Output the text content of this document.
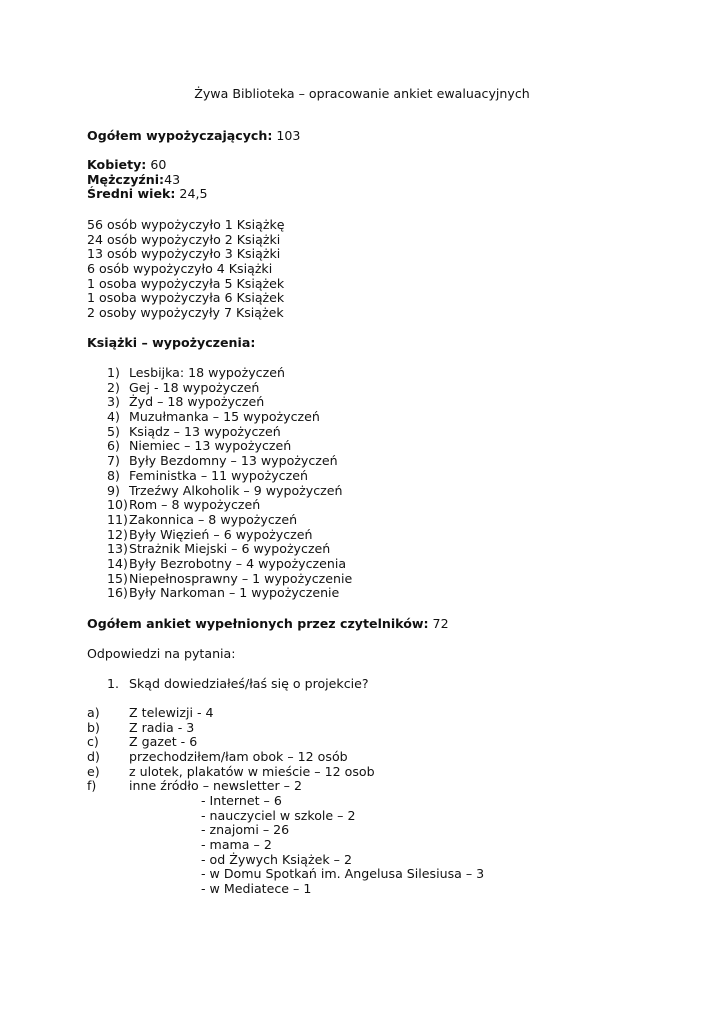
Żywa Biblioteka – opracowanie ankiet ewaluacyjnych
Ogółem wypożyczających: 103
Kobiety: 60
Mężczyźni:43
Średni wiek: 24,5
56 osób wypożyczyło 1 Książkę
24 osób wypożyczyło 2 Książki
13 osób wypożyczyło 3 Książki
6 osób wypożyczyło 4 Książki
1 osoba wypożyczyła 5 Książek
1 osoba wypożyczyła 6 Książek
2 osoby wypożyczyły 7 Książek
Książki – wypożyczenia:
1) Lesbijka: 18 wypożyczeń
2) Gej - 18 wypożyczeń
3) Żyd – 18 wypożyczeń
4) Muzułmanka – 15 wypożyczeń
5) Ksiądz – 13 wypożyczeń
6) Niemiec – 13 wypożyczeń
7) Były Bezdomny – 13 wypożyczeń
8) Feministka – 11 wypożyczeń
9) Trzeźwy Alkoholik – 9 wypożyczeń
10) Rom – 8 wypożyczeń
11) Zakonnica – 8 wypożyczeń
12) Były Więzień – 6 wypożyczeń
13) Strażnik Miejski – 6 wypożyczeń
14) Były Bezrobotny – 4 wypożyczenia
15) Niepełnosprawny – 1 wypożyczenie
16) Były Narkoman – 1 wypożyczenie
Ogółem ankiet wypełnionych przez czytelników: 72
Odpowiedzi na pytania:
1. Skąd dowiedziałeś/łaś się o projekcie?
a)	Z telewizji - 4
b)	Z radia - 3
c)	Z gazet - 6
d)	przechodziłem/łam obok – 12 osób
e)	z ulotek, plakatów w mieście – 12 osob
f)	inne źródło – newsletter – 2
- Internet – 6
- nauczyciel w szkole – 2
- znajomi – 26
- mama – 2
- od Żywych Książek – 2
- w Domu Spotkań im. Angelusa Silesiusa – 3
- w Mediatece – 1
